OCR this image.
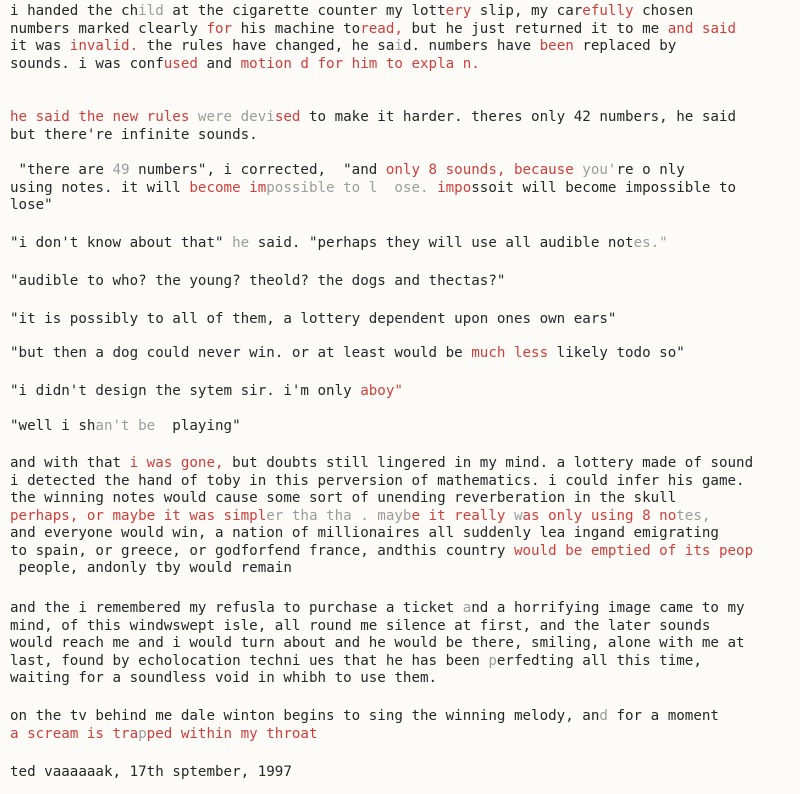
i handed the child at the cigarette counter my lottery slip, my carefully chosen
numbers marked clearly for his machine toread, but he just returned it to me and said
it was invalid. the rules have changed, he said. numbers have been replaced by
sounds. i was confused and motion d for him to expla n.
he said the new rules were devised to make it harder. theres only 42 numbers, he said
but there're infinite sounds.
"there are 49 numbers", i corrected,  "and only 8 sounds, because you're o nly
using notes. it will become impossible to l  ose. impossoit will become impossible to
lose"
"i don't know about that" he said. "perhaps they will use all audible notes."
"audible to who? the young? theold? the dogs and thectas?"
"it is possibly to all of them, a lottery dependent upon ones own ears"
"but then a dog could never win. or at least would be much less likely todo so"
"i didn't design the sytem sir. i'm only aboy"
"well i shan't be  playing"
and with that i was gone, but doubts still lingered in my mind. a lottery made of sound
i detected the hand of toby in this perversion of mathematics. i could infer his game.
the winning notes would cause some sort of unending reverberation in the skull
perhaps, or maybe it was simpler tha tha . maybe it really was only using 8 notes,
and everyone would win, a nation of millionaires all suddenly lea ingand emigrating
to spain, or greece, or godforfend france, andthis country would be emptied of its peop
people, andonly tby would remain
and the i remembered my refusla to purchase a ticket and a horrifying image came to my
mind, of this windwswept isle, all round me silence at first, and the later sounds
would reach me and i would turn about and he would be there, smiling, alone with me at
last, found by echolocation techni ues that he has been perfedting all this time,
waiting for a soundless void in whibh to use them.
on the tv behind me dale winton begins to sing the winning melody, and for a moment
a scream is trapped within my throat
ted vaaaaaak, 17th sptember, 1997
